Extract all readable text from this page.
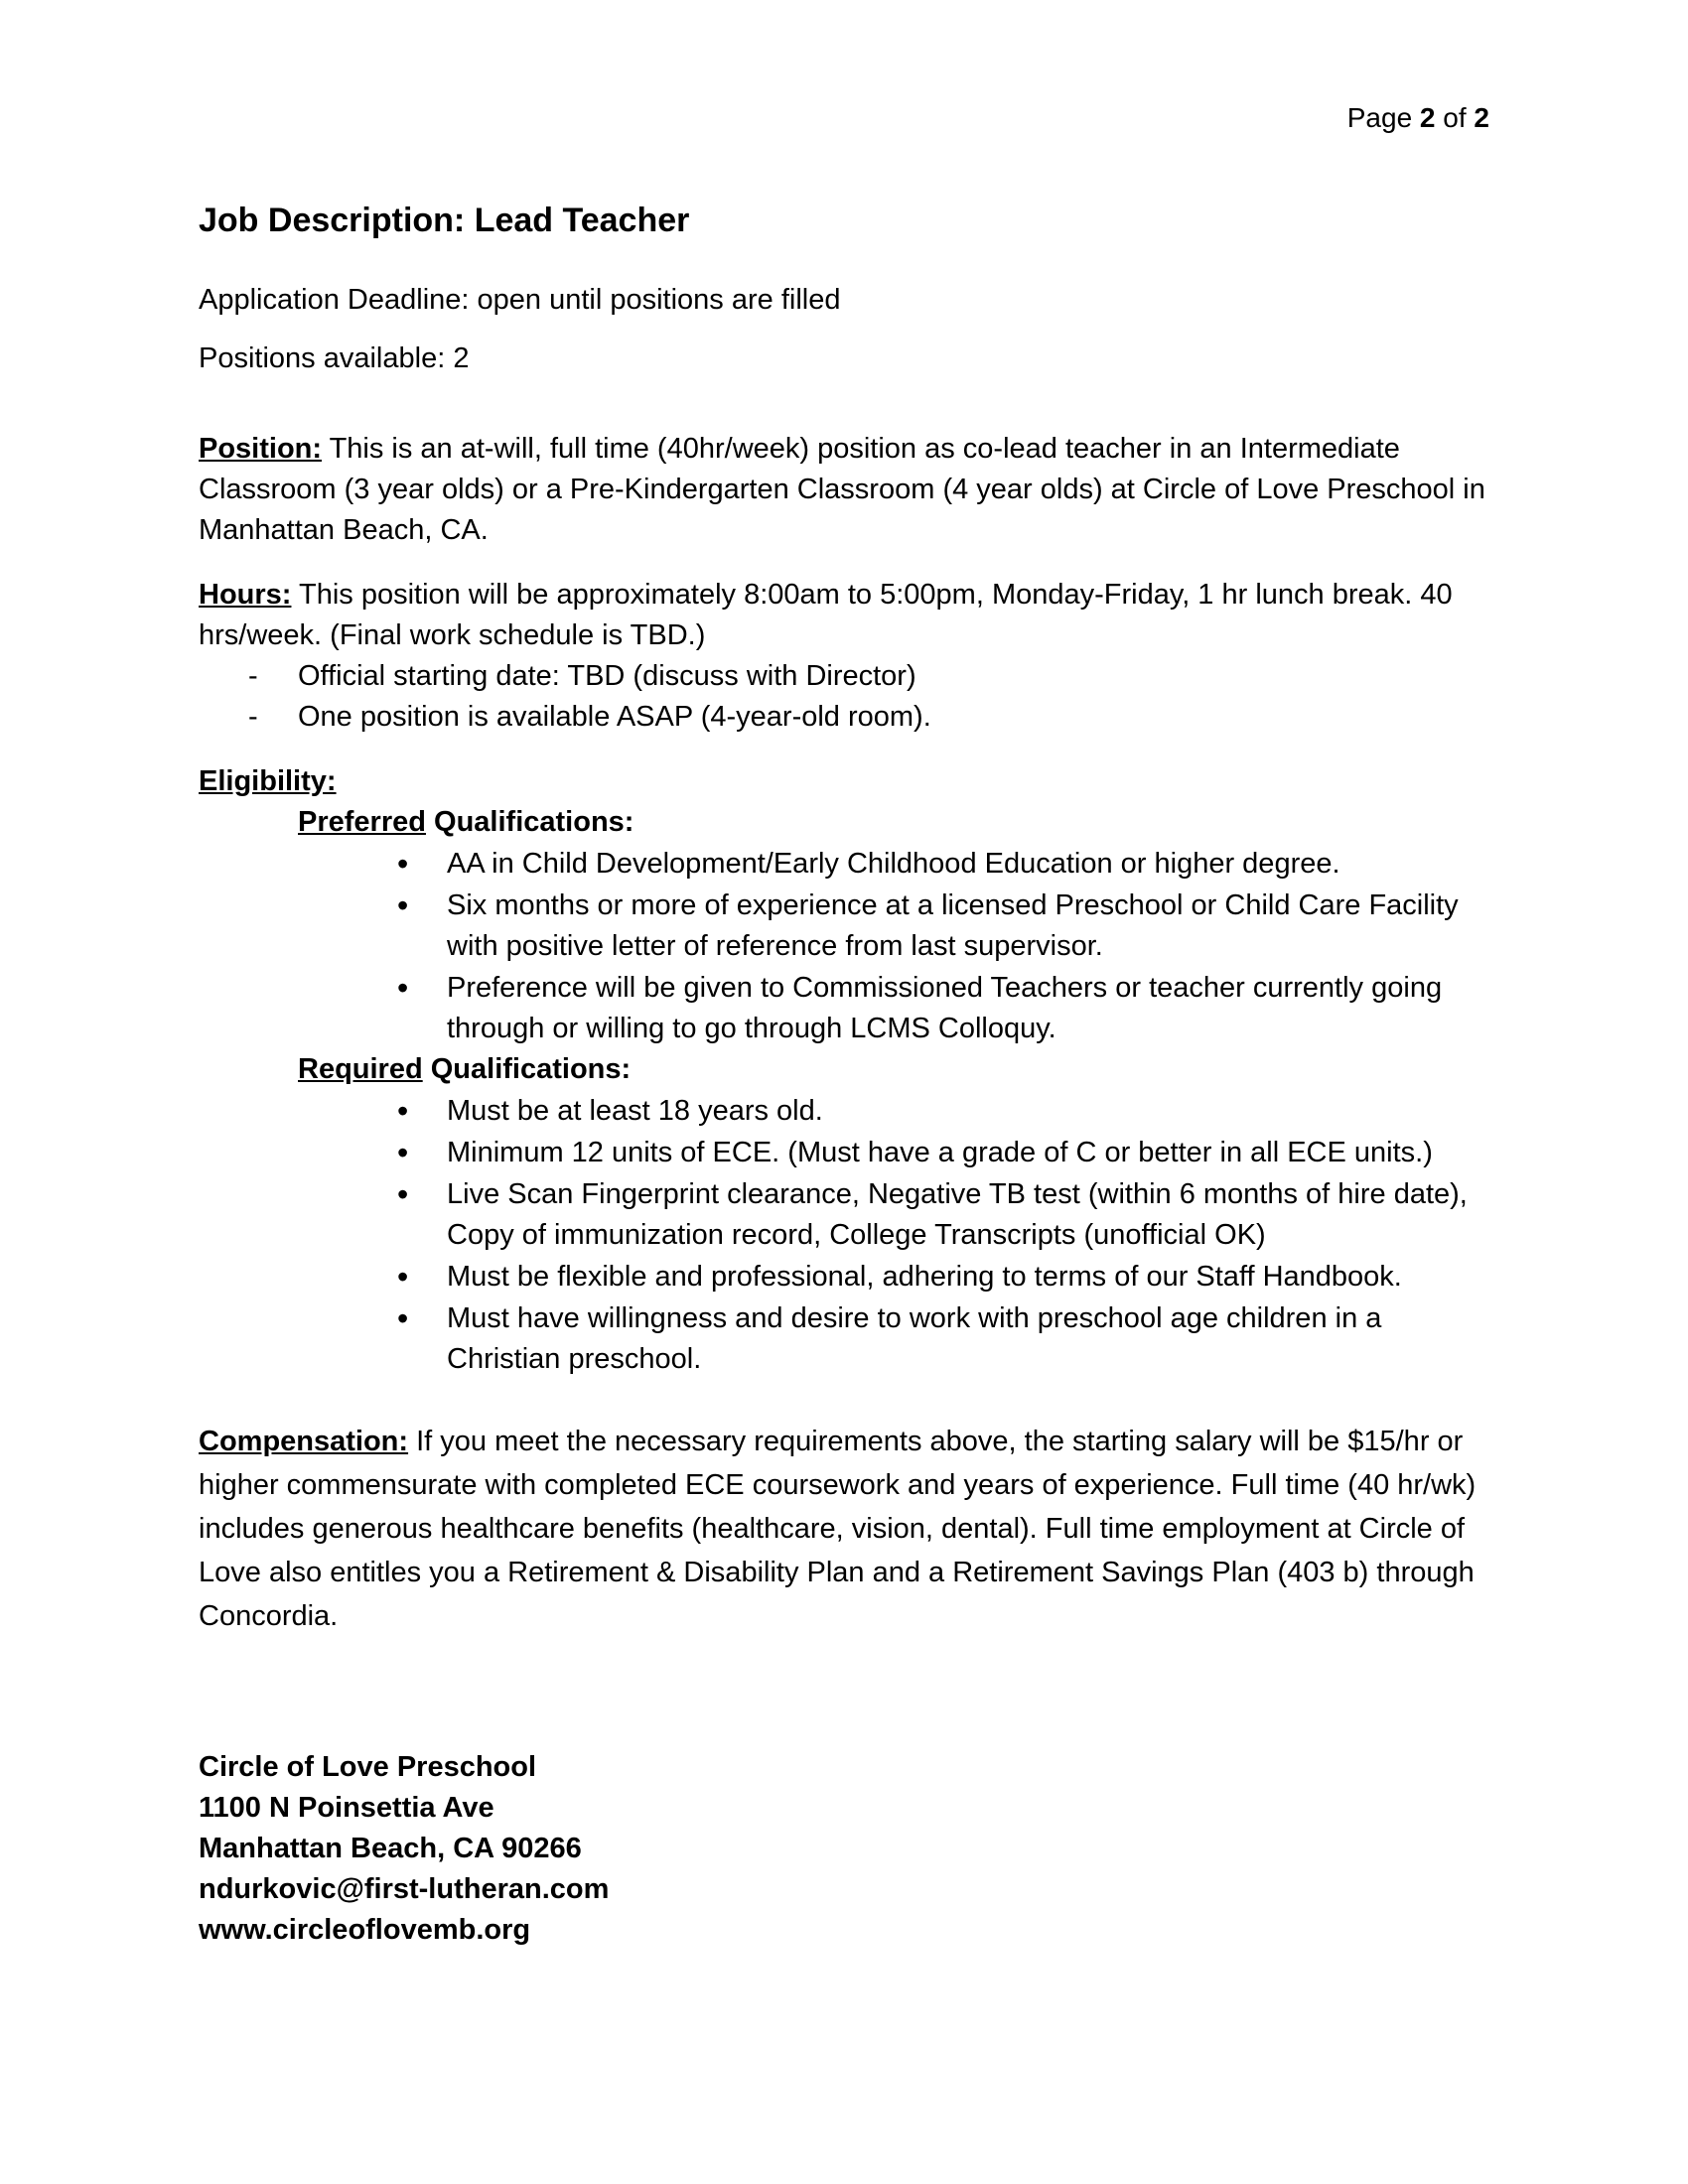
Page 2 of 2
Job Description: Lead Teacher

Application Deadline: open until positions are filled

Positions available: 2

Position: This is an at-will, full time (40hr/week) position as co-lead teacher in an Intermediate Classroom (3 year olds) or a Pre-Kindergarten Classroom (4 year olds) at Circle of Love Preschool in Manhattan Beach, CA.

Hours: This position will be approximately 8:00am to 5:00pm, Monday-Friday, 1 hr lunch break. 40 hrs/week. (Final work schedule is TBD.)

- Official starting date: TBD (discuss with Director)
- One position is available ASAP (4-year-old room).

Eligibility:

Preferred Qualifications:

• AA in Child Development/Early Childhood Education or higher degree.
• Six months or more of experience at a licensed Preschool or Child Care Facility with positive letter of reference from last supervisor.
• Preference will be given to Commissioned Teachers or teacher currently going through or willing to go through LCMS Colloquy.

Required Qualifications:

• Must be at least 18 years old.
• Minimum 12 units of ECE. (Must have a grade of C or better in all ECE units.)
• Live Scan Fingerprint clearance, Negative TB test (within 6 months of hire date), Copy of immunization record, College Transcripts (unofficial OK)
• Must be flexible and professional, adhering to terms of our Staff Handbook.
• Must have willingness and desire to work with preschool age children in a Christian preschool.

Compensation: If you meet the necessary requirements above, the starting salary will be $15/hr or higher commensurate with completed ECE coursework and years of experience. Full time (40 hr/wk) includes generous healthcare benefits (healthcare, vision, dental). Full time employment at Circle of Love also entitles you a Retirement & Disability Plan and a Retirement Savings Plan (403 b) through Concordia.

Circle of Love Preschool
1100 N Poinsettia Ave
Manhattan Beach, CA 90266
ndurkovic@first-lutheran.com
www.circleoflovemb.org
